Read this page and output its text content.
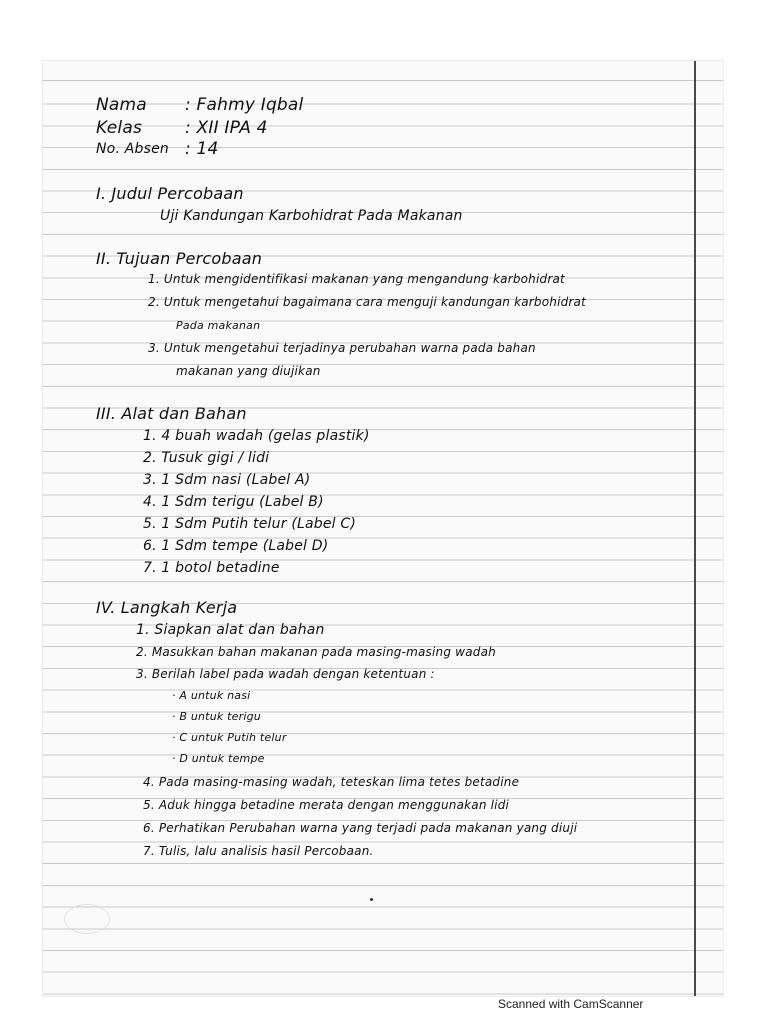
Nama : Fahmy Iqbal
Kelas	: XII IPA 4
No. Absen : 14
I. Judul Percobaan
Uji Kandungan Karbohidrat Pada Makanan
II. Tujuan Percobaan
1. Untuk mengidentifikasi makanan yang mengandung karbohidrat
2. Untuk mengetahui bagaimana cara menguji kandungan karbohidrat
Pada makanan
3. Untuk mengetahui terjadinya perubahan warna pada bahan
makanan yang diujikan
III. Alat dan Bahan
1. 4 buah wadah (gelas plastik)
2. Tusuk gigi / lidi
3. 1 Sdm nasi (Label A)
4. 1 Sdm terigu (Label B)
5. 1 Sdm Putih telur (Label C)
6. 1 Sdm tempe (Label D)
7. 1 botol betadine
IV. Langkah Kerja
1. Siapkan alat dan bahan
2. Masukkan bahan makanan pada masing-masing wadah
3. Berilah label pada wadah dengan ketentuan :
· A untuk nasi
· B untuk terigu
· C untuk Putih telur
· D untuk tempe
4. Pada masing-masing wadah, teteskan lima tetes betadine
5. Aduk hingga betadine merata dengan menggunakan lidi
6. Perhatikan Perubahan warna yang terjadi pada makanan yang diuji
7. Tulis, lalu analisis hasil Percobaan.
Scanned with CamScanner
